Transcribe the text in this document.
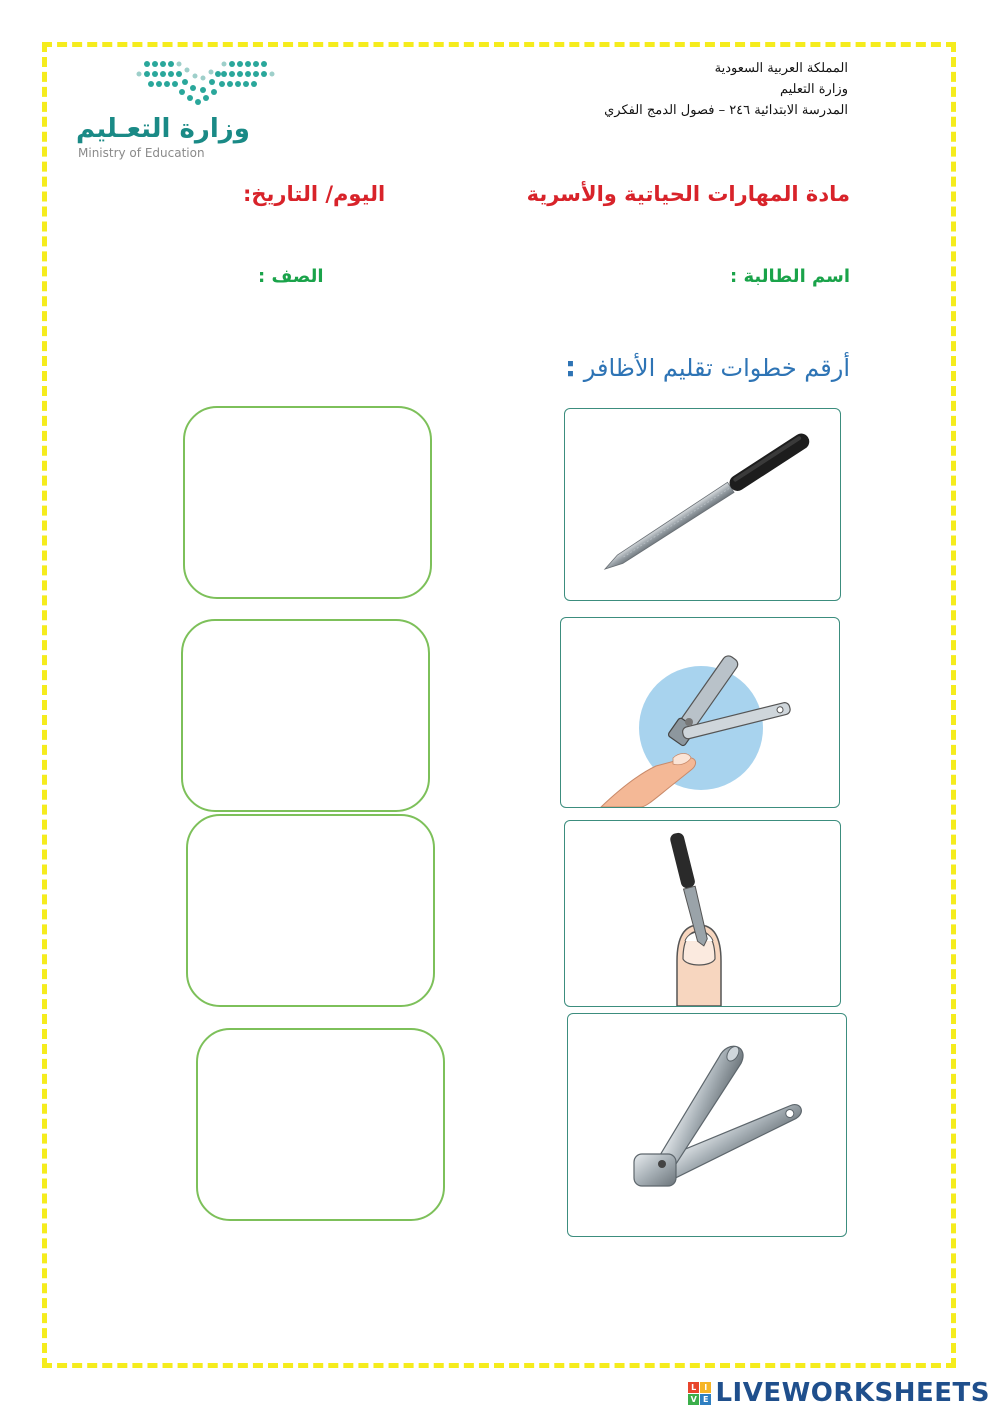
المملكة العربية السعودية
وزارة التعليم
المدرسة الابتدائية ٢٤٦ – فصول الدمج الفكري
وزارة التعـليم
Ministry of Education
مادة المهارات الحياتية والأسرية
اليوم/ التاريخ:
اسم الطالبة :
الصف :
أرقم خطوات تقليم الأظافر :
L I
V E LIVEWORKSHEETS
